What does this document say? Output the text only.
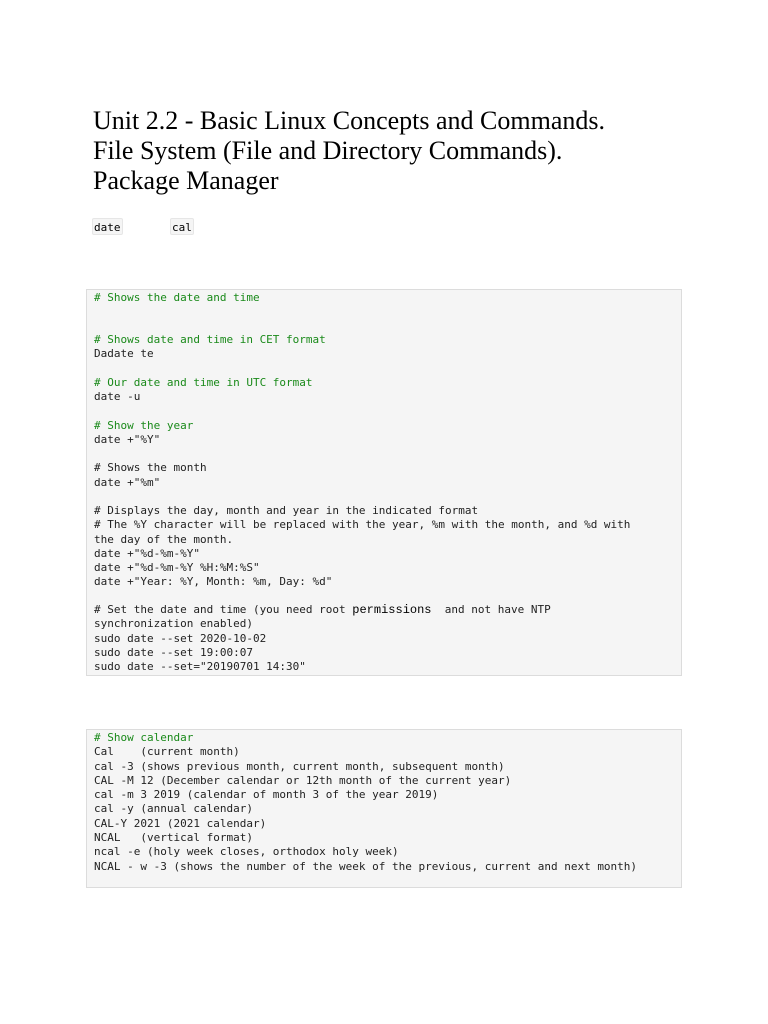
Unit 2.2 - Basic Linux Concepts and Commands.
File System (File and Directory Commands).
Package Manager
date	cal
# Shows the date and time
# Shows date and time in CET format
Dadate te
# Our date and time in UTC format
date -u
# Show the year
date +"%Y"
# Shows the month
date +"%m"
# Displays the day, month and year in the indicated format
# The %Y character will be replaced with the year, %m with the month, and %d with
the day of the month.
date +"%d-%m-%Y"
date +"%d-%m-%Y %H:%M:%S"
date +"Year: %Y, Month: %m, Day: %d"
# Set the date and time (you need root permissions  and not have NTP
synchronization enabled)
sudo date --set 2020-10-02
sudo date --set 19:00:07
sudo date --set="20190701 14:30"
# Show calendar
Cal    (current month)
cal -3 (shows previous month, current month, subsequent month)
CAL -M 12 (December calendar or 12th month of the current year)
cal -m 3 2019 (calendar of month 3 of the year 2019)
cal -y (annual calendar)
CAL-Y 2021 (2021 calendar)
NCAL   (vertical format)
ncal -e (holy week closes, orthodox holy week)
NCAL - w -3 (shows the number of the week of the previous, current and next month)
